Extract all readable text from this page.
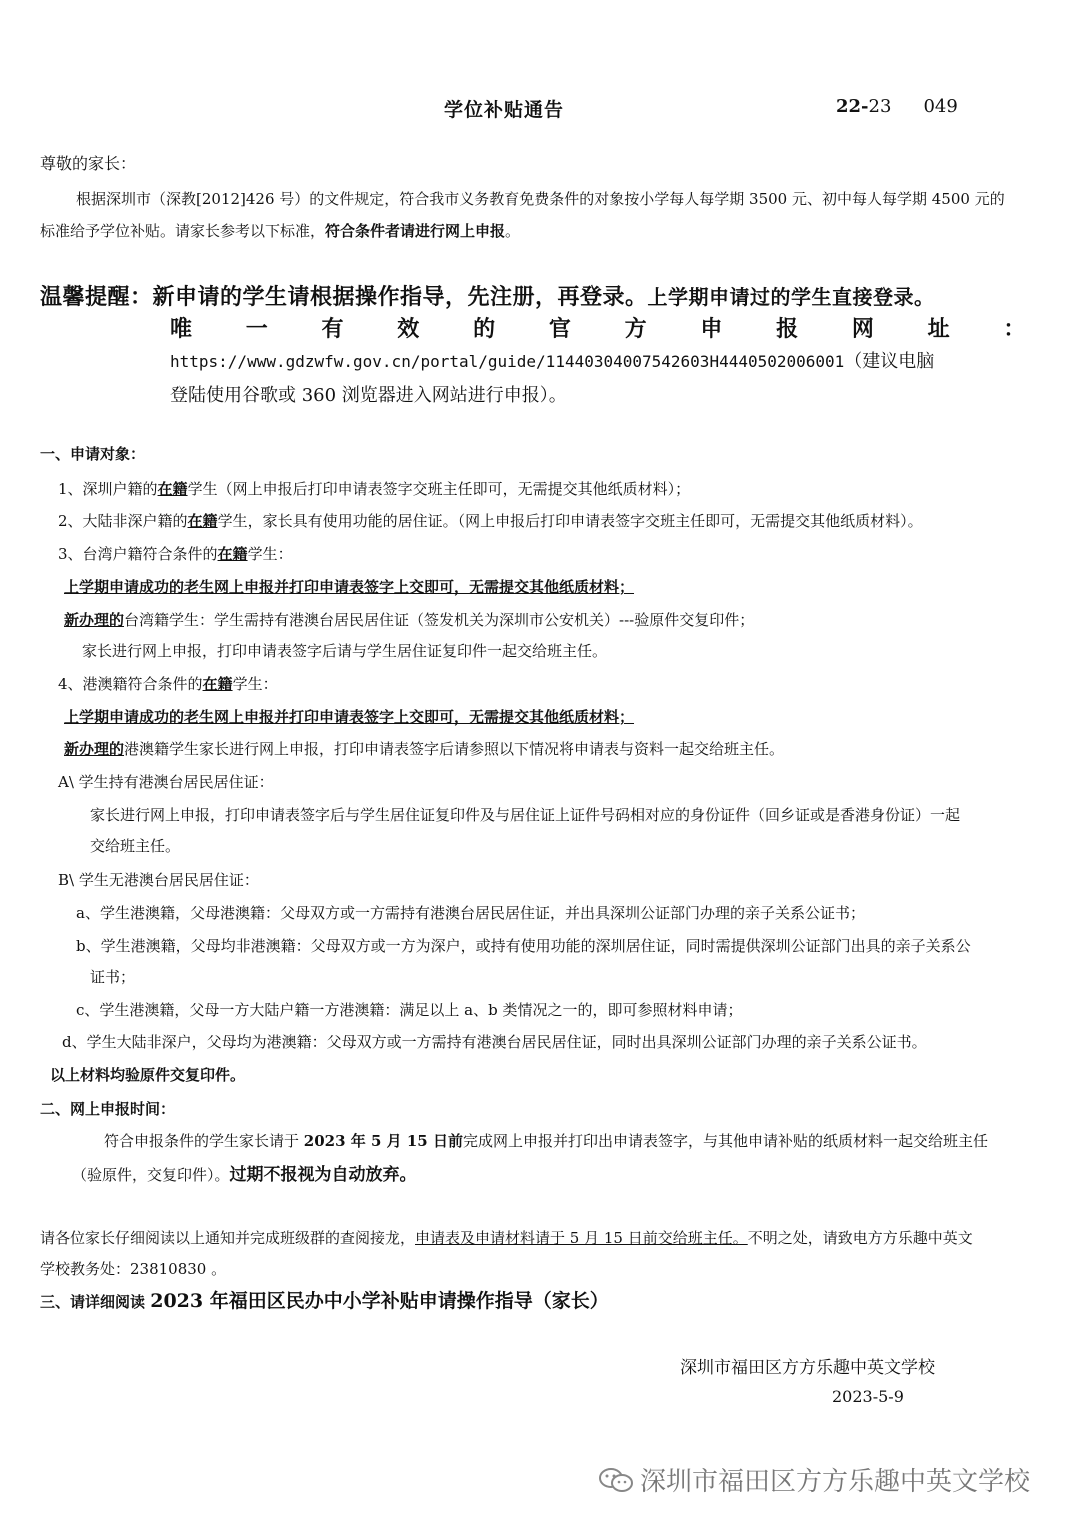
学位补贴通告	22-23 049
尊敬的家长：
根据深圳市（深教[2012]426 号）的文件规定，符合我市义务教育免费条件的对象按小学每人每学期 3500 元、初中每人每学期 4500 元的
标准给予学位补贴。请家长参考以下标准，符合条件者请进行网上申报。
温馨提醒：新申请的学生请根据操作指导，先注册，再登录。上学期申请过的学生直接登录。
唯 一 有 效 的 官 方 申 报 网 址 ：
https://www.gdzwfw.gov.cn/portal/guide/11440304007542603H4440502006001（建议电脑
登陆使用谷歌或 360 浏览器进入网站进行申报）。
一、申请对象：
1、深圳户籍的在籍学生（网上申报后打印申请表签字交班主任即可，无需提交其他纸质材料）；
2、大陆非深户籍的在籍学生，家长具有使用功能的居住证。（网上申报后打印申请表签字交班主任即可，无需提交其他纸质材料）。
3、台湾户籍符合条件的在籍学生：
上学期申请成功的老生网上申报并打印申请表签字上交即可，无需提交其他纸质材料；
新办理的台湾籍学生：学生需持有港澳台居民居住证（签发机关为深圳市公安机关）---验原件交复印件；
家长进行网上申报，打印申请表签字后请与学生居住证复印件一起交给班主任。
4、港澳籍符合条件的在籍学生：
上学期申请成功的老生网上申报并打印申请表签字上交即可，无需提交其他纸质材料；
新办理的港澳籍学生家长进行网上申报，打印申请表签字后请参照以下情况将申请表与资料一起交给班主任。
A\ 学生持有港澳台居民居住证：
家长进行网上申报，打印申请表签字后与学生居住证复印件及与居住证上证件号码相对应的身份证件（回乡证或是香港身份证）一起
交给班主任。
B\ 学生无港澳台居民居住证：
a、学生港澳籍，父母港澳籍：父母双方或一方需持有港澳台居民居住证，并出具深圳公证部门办理的亲子关系公证书；
b、学生港澳籍，父母均非港澳籍：父母双方或一方为深户，或持有使用功能的深圳居住证，同时需提供深圳公证部门出具的亲子关系公
证书；
c、学生港澳籍，父母一方大陆户籍一方港澳籍：满足以上 a、b 类情况之一的，即可参照材料申请；
d、学生大陆非深户，父母均为港澳籍：父母双方或一方需持有港澳台居民居住证，同时出具深圳公证部门办理的亲子关系公证书。
以上材料均验原件交复印件。
二、网上申报时间：
符合申报条件的学生家长请于 2023 年 5 月 15 日前完成网上申报并打印出申请表签字，与其他申请补贴的纸质材料一起交给班主任
（验原件，交复印件）。过期不报视为自动放弃。
请各位家长仔细阅读以上通知并完成班级群的查阅接龙，申请表及申请材料请于 5 月 15 日前交给班主任。不明之处，请致电方方乐趣中英文
学校教务处：23810830 。
三、请详细阅读 2023 年福田区民办中小学补贴申请操作指导（家长）
深圳市福田区方方乐趣中英文学校
2023-5-9
深圳市福田区方方乐趣中英文学校
